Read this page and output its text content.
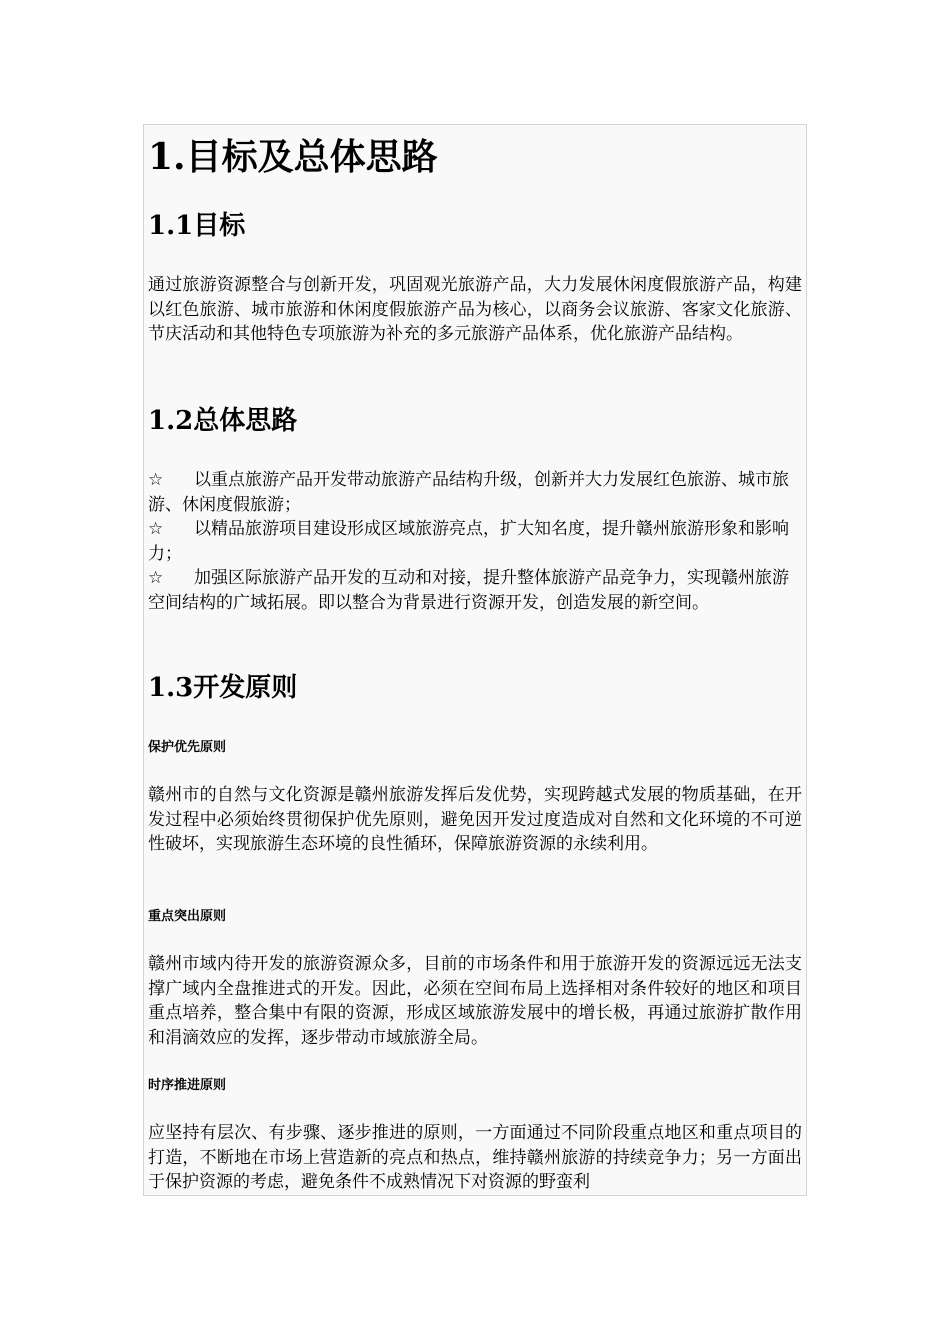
1.目标及总体思路
1.1目标

通过旅游资源整合与创新开发，巩固观光旅游产品，大力发展休闲度假旅游产品，构建以红色旅游、城市旅游和休闲度假旅游产品为核心，以商务会议旅游、客家文化旅游、节庆活动和其他特色专项旅游为补充的多元旅游产品体系，优化旅游产品结构。

1.2总体思路
☆ 以重点旅游产品开发带动旅游产品结构升级，创新并大力发展红色旅游、城市旅游、休闲度假旅游；
☆ 以精品旅游项目建设形成区域旅游亮点，扩大知名度，提升赣州旅游形象和影响力；
☆ 加强区际旅游产品开发的互动和对接，提升整体旅游产品竞争力，实现赣州旅游空间结构的广域拓展。即以整合为背景进行资源开发，创造发展的新空间。
1.3开发原则
保护优先原则

赣州市的自然与文化资源是赣州旅游发挥后发优势，实现跨越式发展的物质基础，在开发过程中必须始终贯彻保护优先原则，避免因开发过度造成对自然和文化环境的不可逆性破坏，实现旅游生态环境的良性循环，保障旅游资源的永续利用。

重点突出原则

赣州市域内待开发的旅游资源众多，目前的市场条件和用于旅游开发的资源远远无法支撑广域内全盘推进式的开发。因此，必须在空间布局上选择相对条件较好的地区和项目重点培养，整合集中有限的资源，形成区域旅游发展中的增长极，再通过旅游扩散作用和涓滴效应的发挥，逐步带动市域旅游全局。

时序推进原则

应坚持有层次、有步骤、逐步推进的原则，一方面通过不同阶段重点地区和重点项目的打造，不断地在市场上营造新的亮点和热点，维持赣州旅游的持续竞争力；另一方面出于保护资源的考虑，避免条件不成熟情况下对资源的野蛮利
